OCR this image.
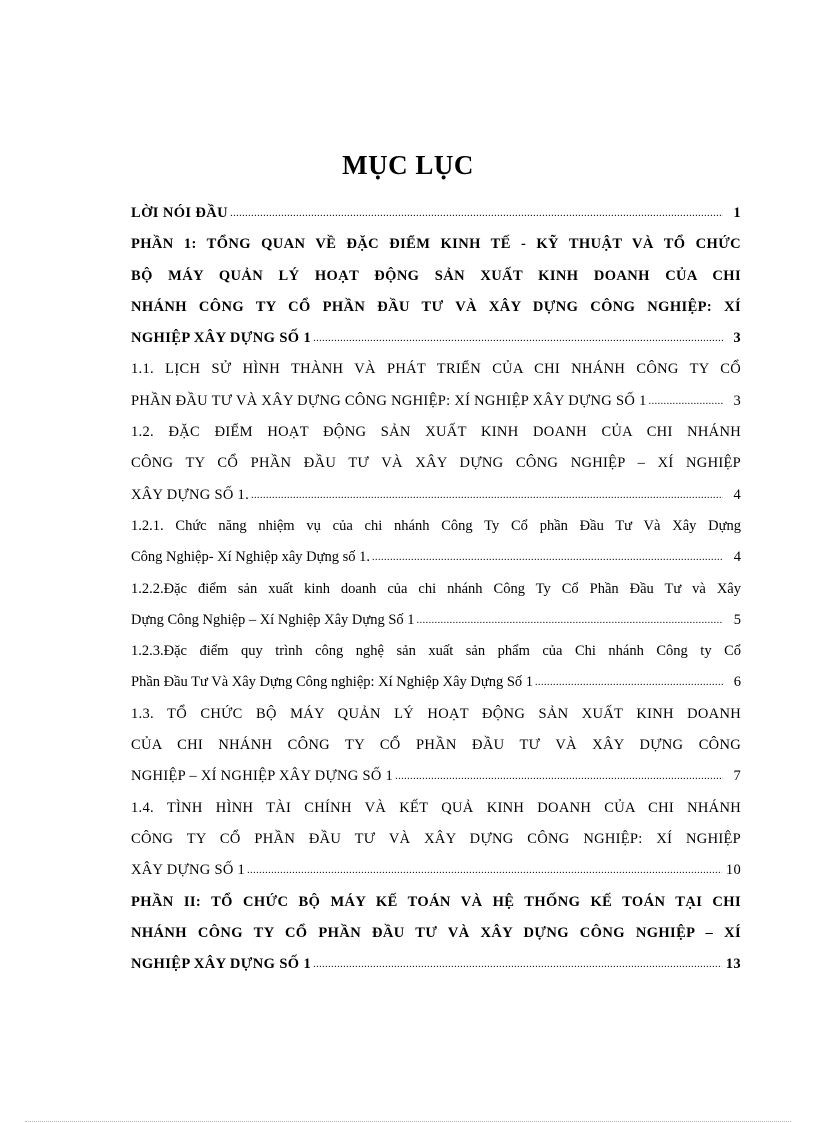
MỤC LỤC
LỜI NÓI ĐẦU .....	1
PHẦN 1: TỔNG QUAN VỀ ĐẶC ĐIỂM KINH TẾ - KỸ THUẬT VÀ TỔ CHỨC
BỘ MÁY QUẢN LÝ HOẠT ĐỘNG SẢN XUẤT KINH DOANH CỦA CHI
NHÁNH CÔNG TY CỔ PHẦN ĐẦU TƯ VÀ XÂY DỰNG CÔNG NGHIỆP: XÍ
NGHIỆP XÂY DỰNG SỐ 1 .....	3
1.1. LỊCH SỬ HÌNH THÀNH VÀ PHÁT TRIỂN CỦA CHI NHÁNH CÔNG TY CỔ
PHẦN ĐẦU TƯ VÀ XÂY DỰNG CÔNG NGHIỆP: XÍ NGHIỆP XÂY DỰNG SỐ 1 .....	3
1.2. ĐẶC ĐIỂM HOẠT ĐỘNG SẢN XUẤT KINH DOANH CỦA CHI NHÁNH
CÔNG TY CỔ PHẦN ĐẦU TƯ VÀ XÂY DỰNG CÔNG NGHIỆP – XÍ NGHIỆP
XÂY DỰNG SỐ 1. .....	4
1.2.1. Chức năng nhiệm vụ của chi nhánh Công Ty Cổ phần Đầu Tư Và Xây Dựng
Công Nghiệp- Xí Nghiệp xây Dựng số 1. .....	4
1.2.2.Đặc điểm sản xuất kinh doanh của chi nhánh Công Ty Cổ Phần Đầu Tư và Xây
Dựng Công Nghiệp – Xí Nghiệp Xây Dựng Số 1 .....	5
1.2.3.Đặc điểm quy trình công nghệ sản xuất sản phẩm của Chi nhánh Công ty Cổ
Phần Đầu Tư Và Xây Dựng Công nghiệp: Xí Nghiệp Xây Dựng Số 1 .....	6
1.3. TỔ CHỨC BỘ MÁY QUẢN LÝ HOẠT ĐỘNG SẢN XUẤT KINH DOANH
CỦA CHI NHÁNH CÔNG TY CỔ PHẦN ĐẦU TƯ VÀ XÂY DỰNG CÔNG
NGHIỆP – XÍ NGHIỆP XÂY DỰNG SỐ 1 .....	7
1.4. TÌNH HÌNH TÀI CHÍNH VÀ KẾT QUẢ KINH DOANH CỦA CHI NHÁNH
CÔNG TY CỔ PHẦN ĐẦU TƯ VÀ XÂY DỰNG CÔNG NGHIỆP: XÍ NGHIỆP
XÂY DỰNG SỐ 1 .....	10
PHẦN II: TỔ CHỨC BỘ MÁY KẾ TOÁN VÀ HỆ THỐNG KẾ TOÁN TẠI CHI
NHÁNH CÔNG TY CỔ PHẦN ĐẦU TƯ VÀ XÂY DỰNG CÔNG NGHIỆP – XÍ
NGHIỆP XÂY DỰNG SỐ 1 .....	13
